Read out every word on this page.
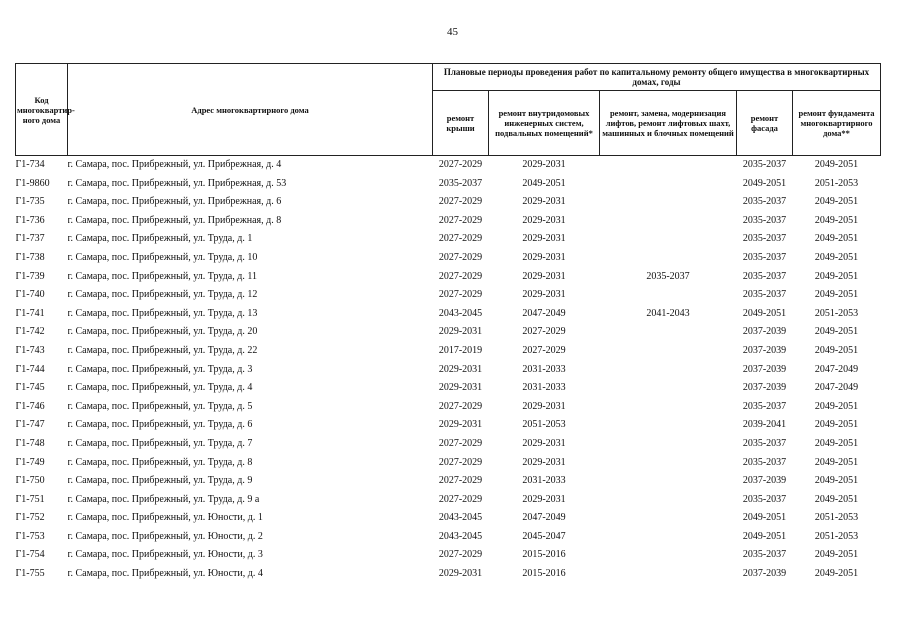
45
Код многоквартир-ного дома	Адрес многоквартирного дома	Плановые периоды проведения работ по капитальному ремонту общего имущества в многоквартирных домах, годы				
		ремонт крыши	ремонт внутридомовых инженерных систем, подвальных помещений*	ремонт, замена, модернизация лифтов, ремонт лифтовых шахт, машинных и блочных помещений	ремонт фасада	ремонт фундамента многоквартирного дома**
Г1-734	г. Самара, пос. Прибрежный, ул. Прибрежная, д. 4	2027-2029	2029-2031		2035-2037	2049-2051
Г1-9860	г. Самара, пос. Прибрежный, ул. Прибрежная, д. 53	2035-2037	2049-2051		2049-2051	2051-2053
Г1-735	г. Самара, пос. Прибрежный, ул. Прибрежная, д. 6	2027-2029	2029-2031		2035-2037	2049-2051
Г1-736	г. Самара, пос. Прибрежный, ул. Прибрежная, д. 8	2027-2029	2029-2031		2035-2037	2049-2051
Г1-737	г. Самара, пос. Прибрежный, ул. Труда, д. 1	2027-2029	2029-2031		2035-2037	2049-2051
Г1-738	г. Самара, пос. Прибрежный, ул. Труда, д. 10	2027-2029	2029-2031		2035-2037	2049-2051
Г1-739	г. Самара, пос. Прибрежный, ул. Труда, д. 11	2027-2029	2029-2031	2035-2037	2035-2037	2049-2051
Г1-740	г. Самара, пос. Прибрежный, ул. Труда, д. 12	2027-2029	2029-2031		2035-2037	2049-2051
Г1-741	г. Самара, пос. Прибрежный, ул. Труда, д. 13	2043-2045	2047-2049	2041-2043	2049-2051	2051-2053
Г1-742	г. Самара, пос. Прибрежный, ул. Труда, д. 20	2029-2031	2027-2029		2037-2039	2049-2051
Г1-743	г. Самара, пос. Прибрежный, ул. Труда, д. 22	2017-2019	2027-2029		2037-2039	2049-2051
Г1-744	г. Самара, пос. Прибрежный, ул. Труда, д. 3	2029-2031	2031-2033		2037-2039	2047-2049
Г1-745	г. Самара, пос. Прибрежный, ул. Труда, д. 4	2029-2031	2031-2033		2037-2039	2047-2049
Г1-746	г. Самара, пос. Прибрежный, ул. Труда, д. 5	2027-2029	2029-2031		2035-2037	2049-2051
Г1-747	г. Самара, пос. Прибрежный, ул. Труда, д. 6	2029-2031	2051-2053		2039-2041	2049-2051
Г1-748	г. Самара, пос. Прибрежный, ул. Труда, д. 7	2027-2029	2029-2031		2035-2037	2049-2051
Г1-749	г. Самара, пос. Прибрежный, ул. Труда, д. 8	2027-2029	2029-2031		2035-2037	2049-2051
Г1-750	г. Самара, пос. Прибрежный, ул. Труда, д. 9	2027-2029	2031-2033		2037-2039	2049-2051
Г1-751	г. Самара, пос. Прибрежный, ул. Труда, д. 9 а	2027-2029	2029-2031		2035-2037	2049-2051
Г1-752	г. Самара, пос. Прибрежный, ул. Юности, д. 1	2043-2045	2047-2049		2049-2051	2051-2053
Г1-753	г. Самара, пос. Прибрежный, ул. Юности, д. 2	2043-2045	2045-2047		2049-2051	2051-2053
Г1-754	г. Самара, пос. Прибрежный, ул. Юности, д. 3	2027-2029	2015-2016		2035-2037	2049-2051
Г1-755	г. Самара, пос. Прибрежный, ул. Юности, д. 4	2029-2031	2015-2016		2037-2039	2049-2051
